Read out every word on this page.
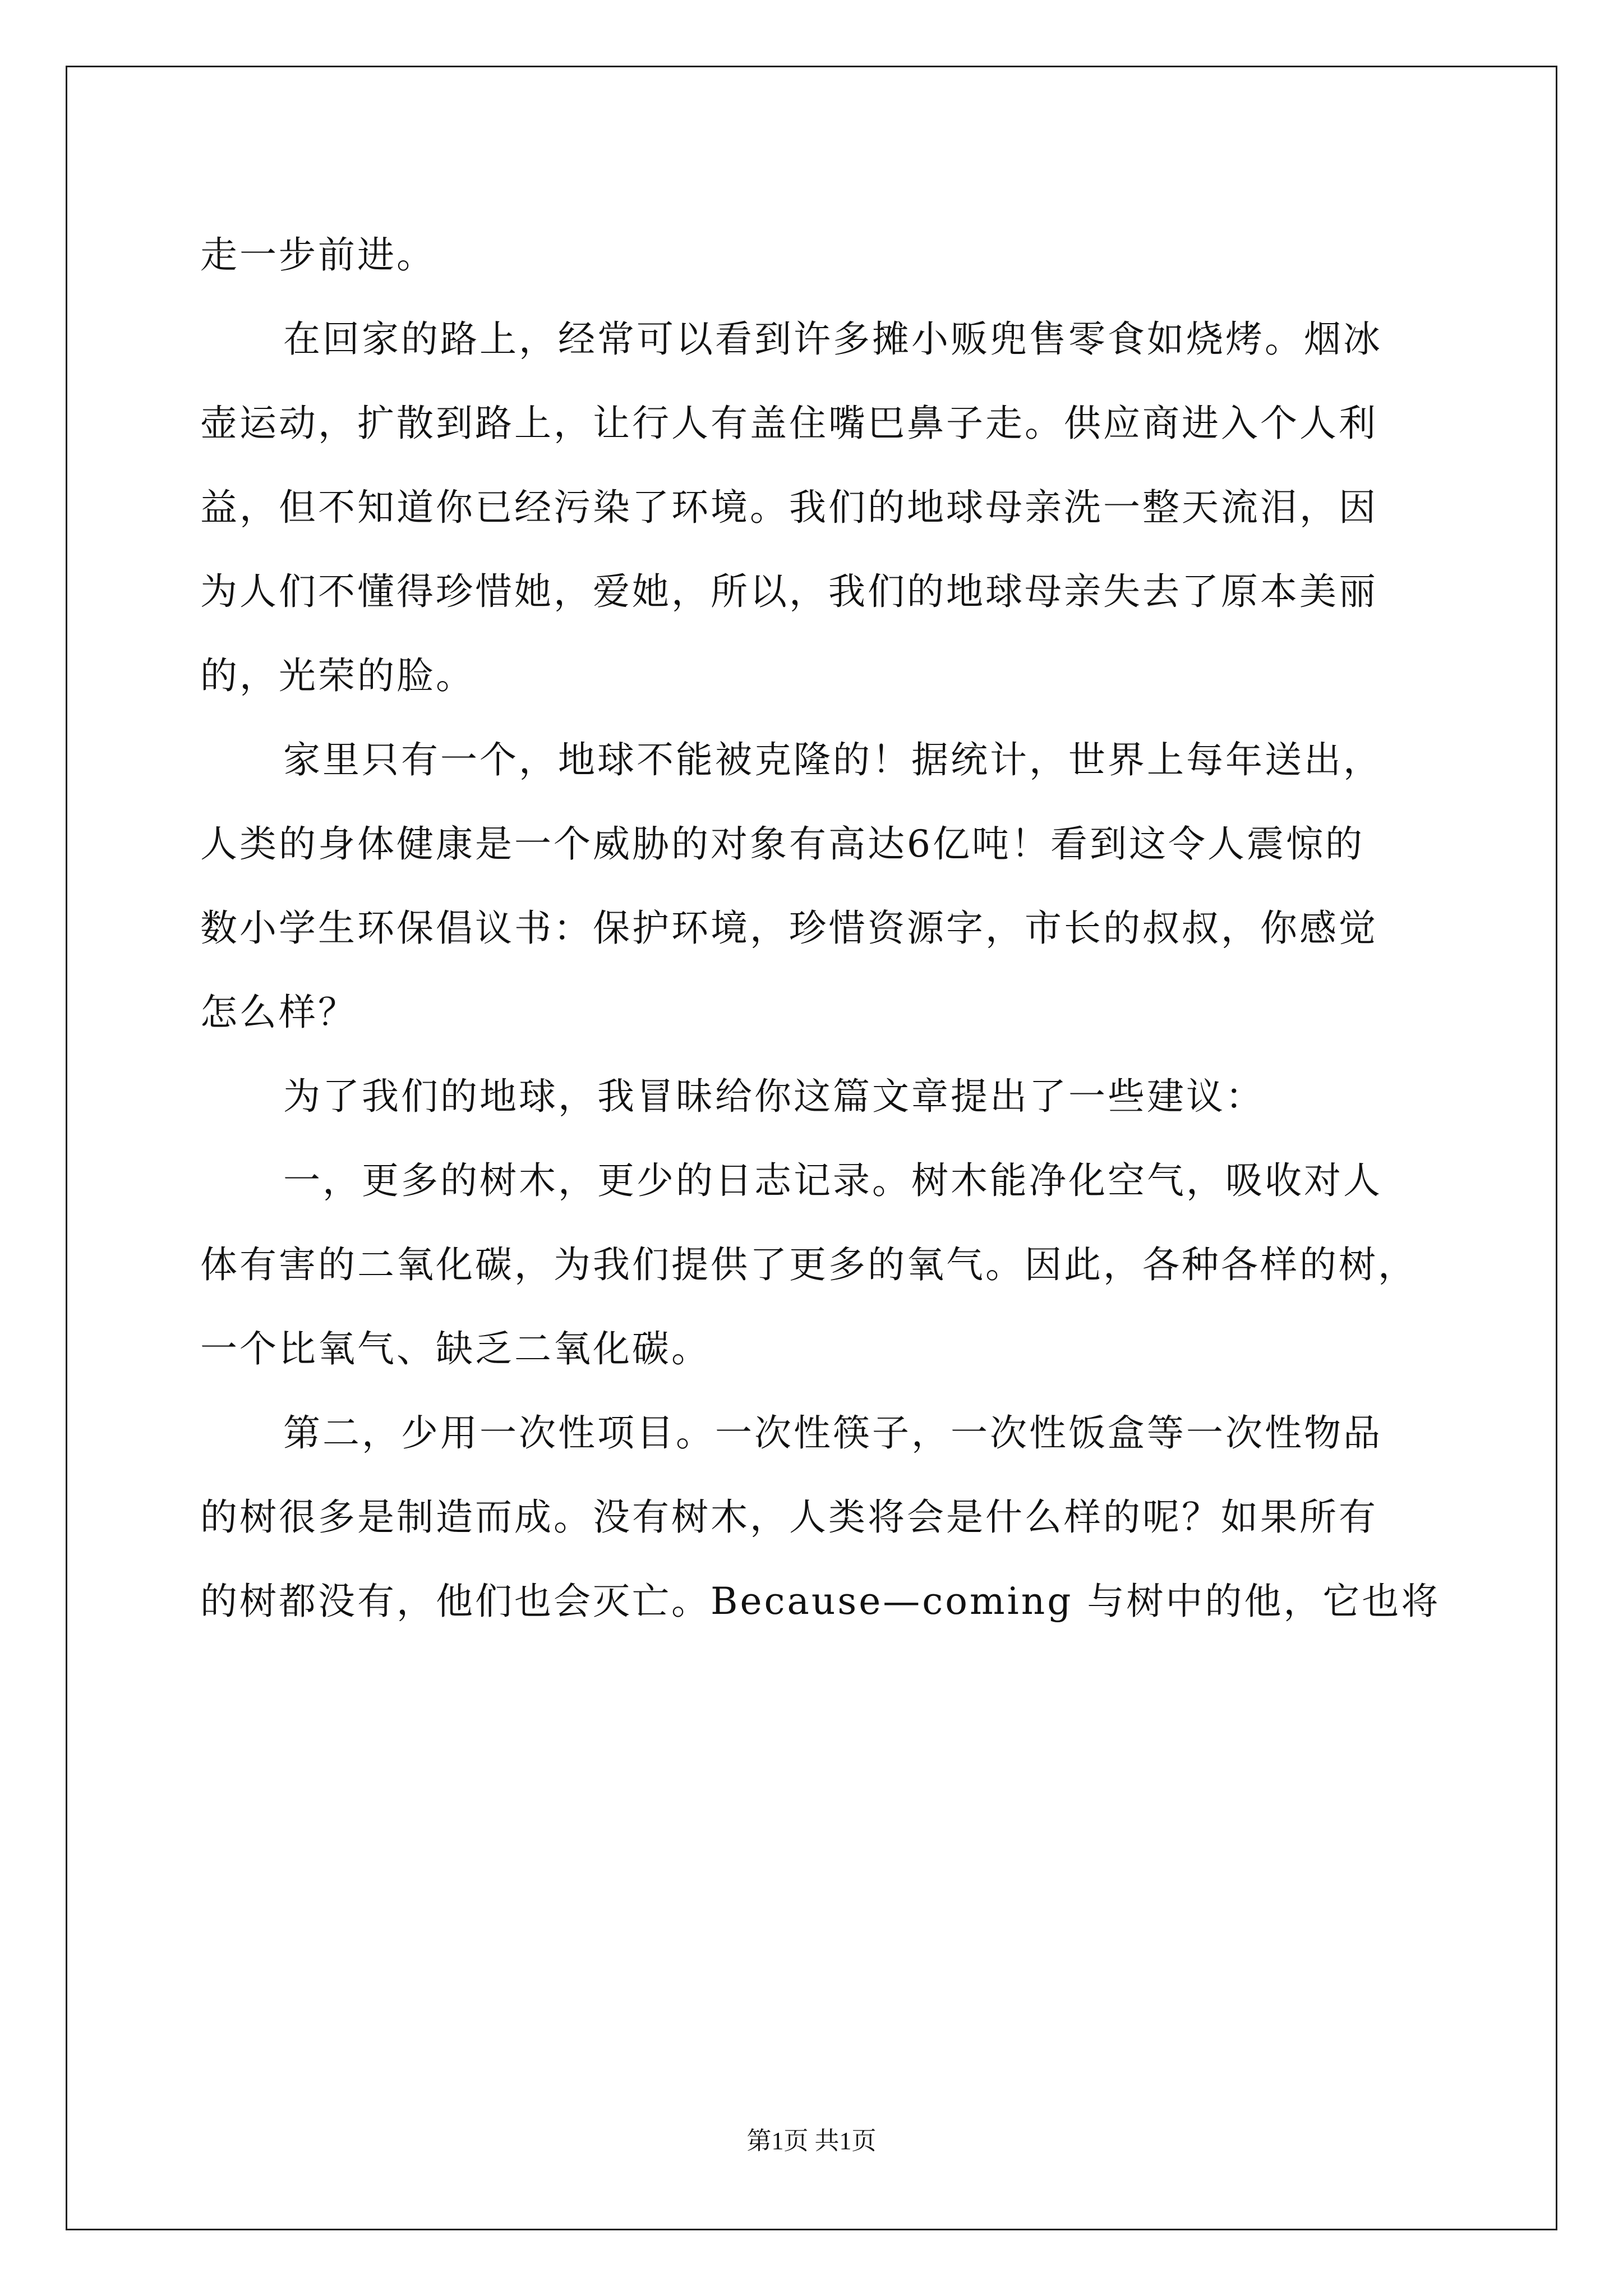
走一步前进。
在回家的路上，经常可以看到许多摊小贩兜售零食如烧烤。烟冰
壶运动，扩散到路上，让行人有盖住嘴巴鼻子走。供应商进入个人利
益，但不知道你已经污染了环境。我们的地球母亲洗一整天流泪，因
为人们不懂得珍惜她，爱她，所以，我们的地球母亲失去了原本美丽
的，光荣的脸。
家里只有一个，地球不能被克隆的！据统计，世界上每年送出，
人类的身体健康是一个威胁的对象有高达6亿吨！看到这令人震惊的
数小学生环保倡议书：保护环境，珍惜资源字，市长的叔叔，你感觉
怎么样？
为了我们的地球，我冒昧给你这篇文章提出了一些建议：
一，更多的树木，更少的日志记录。树木能净化空气，吸收对人
体有害的二氧化碳，为我们提供了更多的氧气。因此，各种各样的树，
一个比氧气、缺乏二氧化碳。
第二，少用一次性项目。一次性筷子，一次性饭盒等一次性物品
的树很多是制造而成。没有树木，人类将会是什么样的呢？如果所有
的树都没有，他们也会灭亡。Because—coming 与树中的他，它也将
第1页 共1页
